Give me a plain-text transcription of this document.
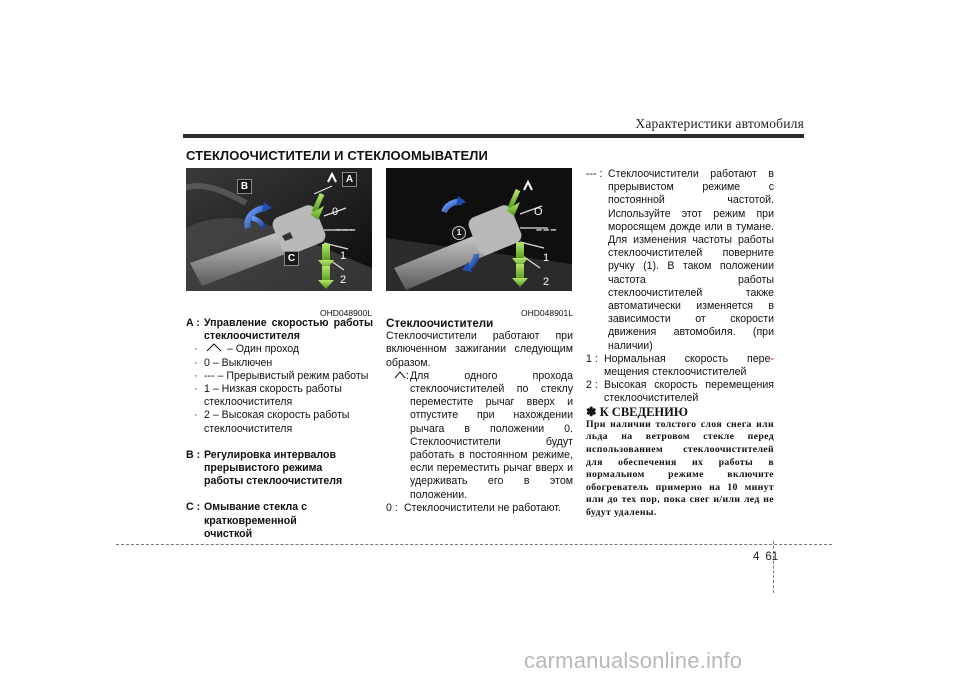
Характеристики автомобиля
СТЕКЛООЧИСТИТЕЛИ И СТЕКЛООМЫВАТЕЛИ
A
B
C
0
– – –
1
2
OHD048900L
1
O
– – –
1
2
OHD048901L
A : Управление скоростью работы стеклоочистителя

·	– Один проход
· 0 – Выключен
· --- – Прерывистый режим работы
· 1 – Низкая скорость работы стеклоочистителя
· 2 – Высокая скорость работы стеклоочистителя
B : Регулировка интервалов прерывистого режима работы стеклоочистителя

C : Омывание стекла с кратковременной очисткой

Стеклоочистители

Стеклоочистители работают при включенном зажигании следующим образом.

: Для одного прохода стеклоочистителей по стеклу переместите рычаг вверх и отпустите при нахождении рычага в положении 0. Стеклоочистители будут работать в постоянном режиме, если переместить рычаг вверх и удерживать его в этом положении.

0 : Стеклоочистители не работают.

--- : Стеклоочистители работают в прерывистом режиме с постоянной частотой. Используйте этот режим при моросящем дожде или в тумане. Для изменения частоты работы стеклоочистителей поверните ручку (1). В таком положении частота работы стеклоочистителей также автоматически изменяется в зависимости от скорости движения автомобиля. (при наличии)

1 : Нормальная скорость пере-

мещения стеклоочистителей

2 : Высокая скорость перемещения стеклоочистителей

✽ К СВЕДЕНИЮ

При наличии толстого слоя снега или льда на ветровом стекле перед использованием стеклоочистителей для обеспечения их работы в нормальном режиме включите обогреватель примерно на 10 минут или до тех пор, пока снег и/или лед не будут удалены.

4 61
carmanualsonline.info
